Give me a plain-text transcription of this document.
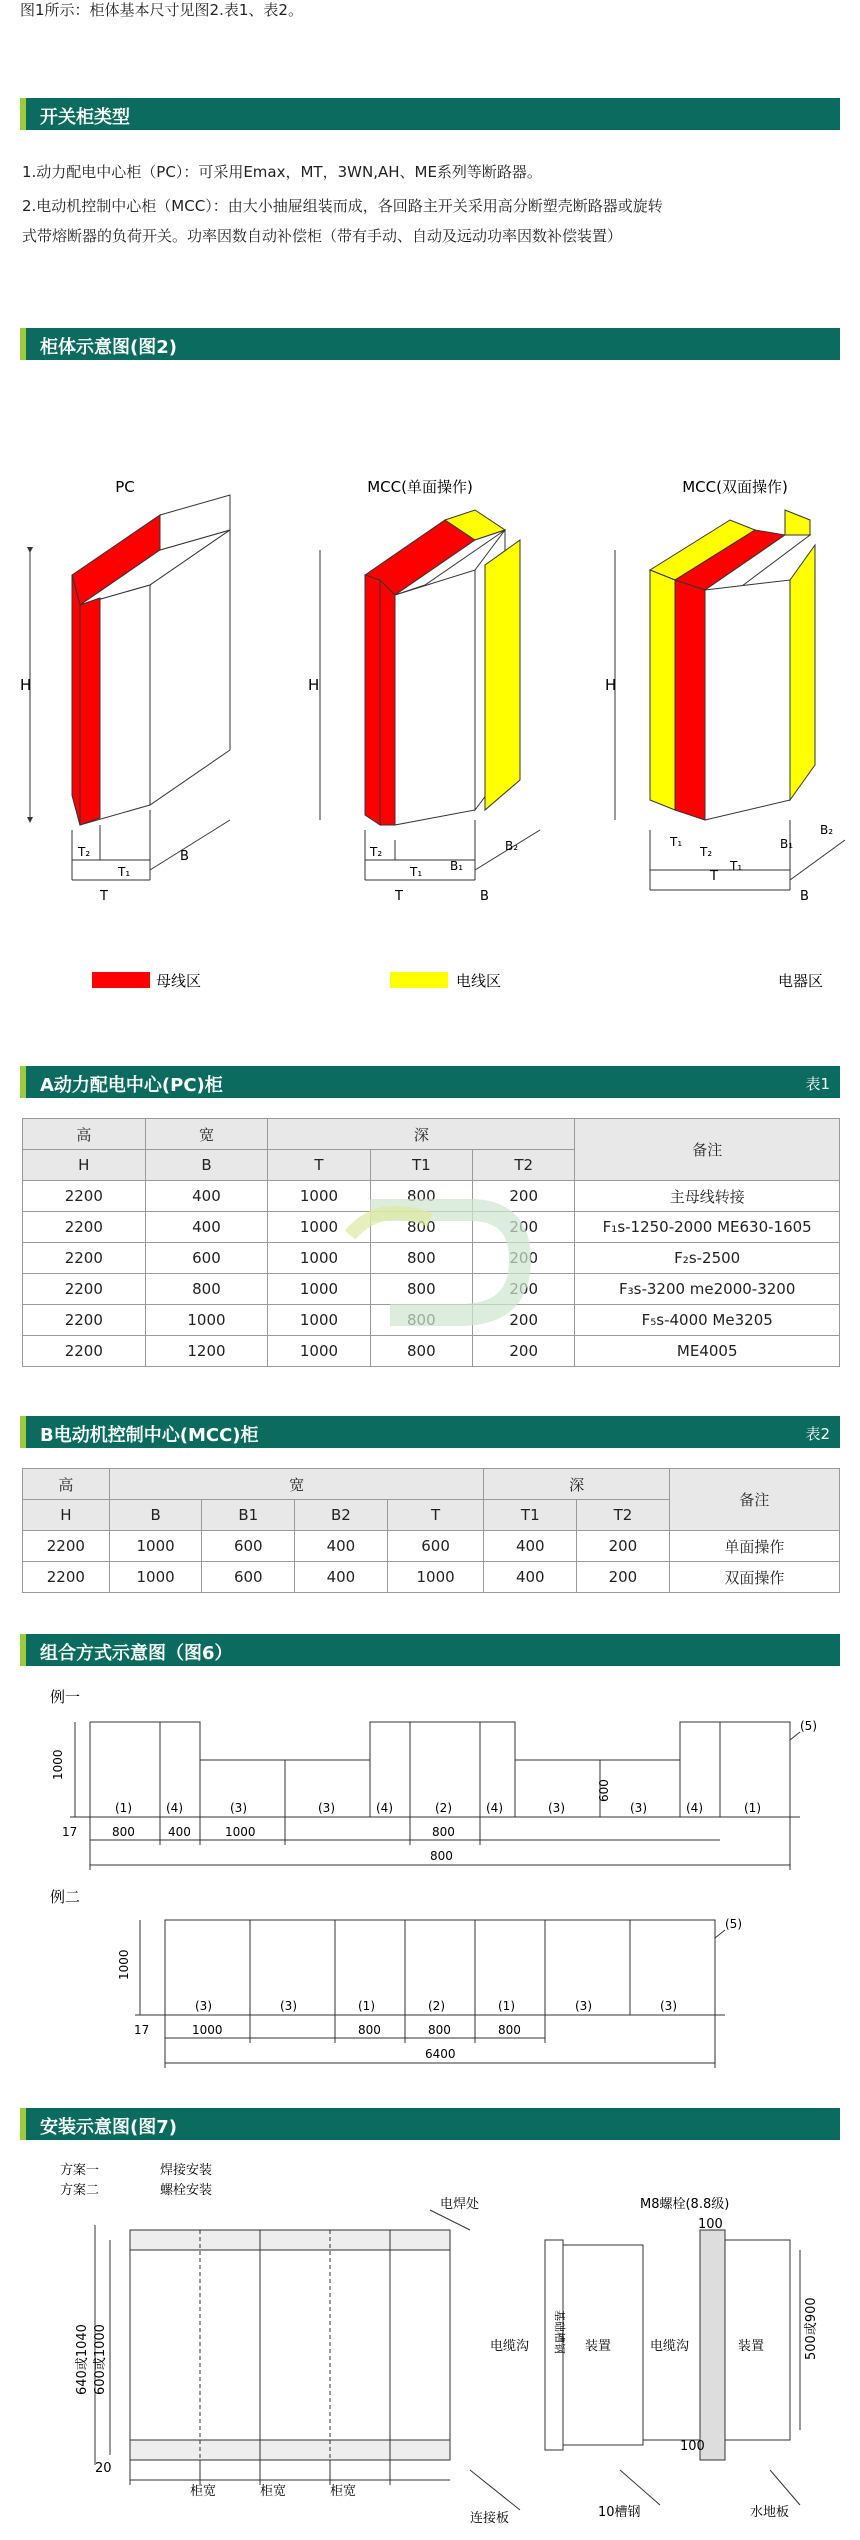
图1所示：柜体基本尺寸见图2.表1、表2。
开关柜类型
1.动力配电中心柜（PC）：可采用Emax，MT，3WN,AH、ME系列等断路器。
2.电动机控制中心柜（MCC）：由大小抽屉组装而成，各回路主开关采用高分断塑壳断路器或旋转
式带熔断器的负荷开关。功率因数自动补偿柜（带有手动、自动及远动功率因数补偿装置）
柜体示意图(图2)
PC	MCC(单面操作)	MCC(双面操作)
H
T₂
T₁
T
B
H
T₂
T₁ B₁
B₂
T	B
H
T₁
T₂
T₁
B₁
B₂
T
B
母线区	电线区	电器区
A动力配电中心(PC)柜	表1
高	宽	深			备注
H	B	T	T1	T2	
2200	400	1000	800	200	主母线转接
2200	400	1000	800	200	F₁s-1250-2000 ME630-1605
2200	600	1000	800	200	F₂s-2500
2200	800	1000	800	200	F₃s-3200 me2000-3200
2200	1000	1000	800	200	F₅s-4000 Me3205
2200	1200	1000	800	200	ME4005
B电动机控制中心(MCC)柜	表2
高	宽				深		备注
H	B	B1	B2	T	T1	T2	
2200	1000	600	400	600	400	200	单面操作
2200	1000	600	400	1000	400	200	双面操作
组合方式示意图（图6）
例一
1000
600
(5)
(1)	(4)	(3)	(3)	(4)	(2)	(4)	(3)	(3)	(4)	(1)
17	800	400	1000	800
800
例二
1000
(5)
(3)	(3)	(1)	(2)	(1)	(3)	(3)
17	1000	800	800	800
6400
安装示意图(图7)
方案一	焊接安装
方案二	螺栓安装
电焊处	M8螺栓(8.8级)
电缆沟	装置
基础槽钢	电缆沟	装置
640或1040 600或1000
20
柜宽	柜宽	柜宽
连接板	10槽钢	水地板
100
100
500或900
